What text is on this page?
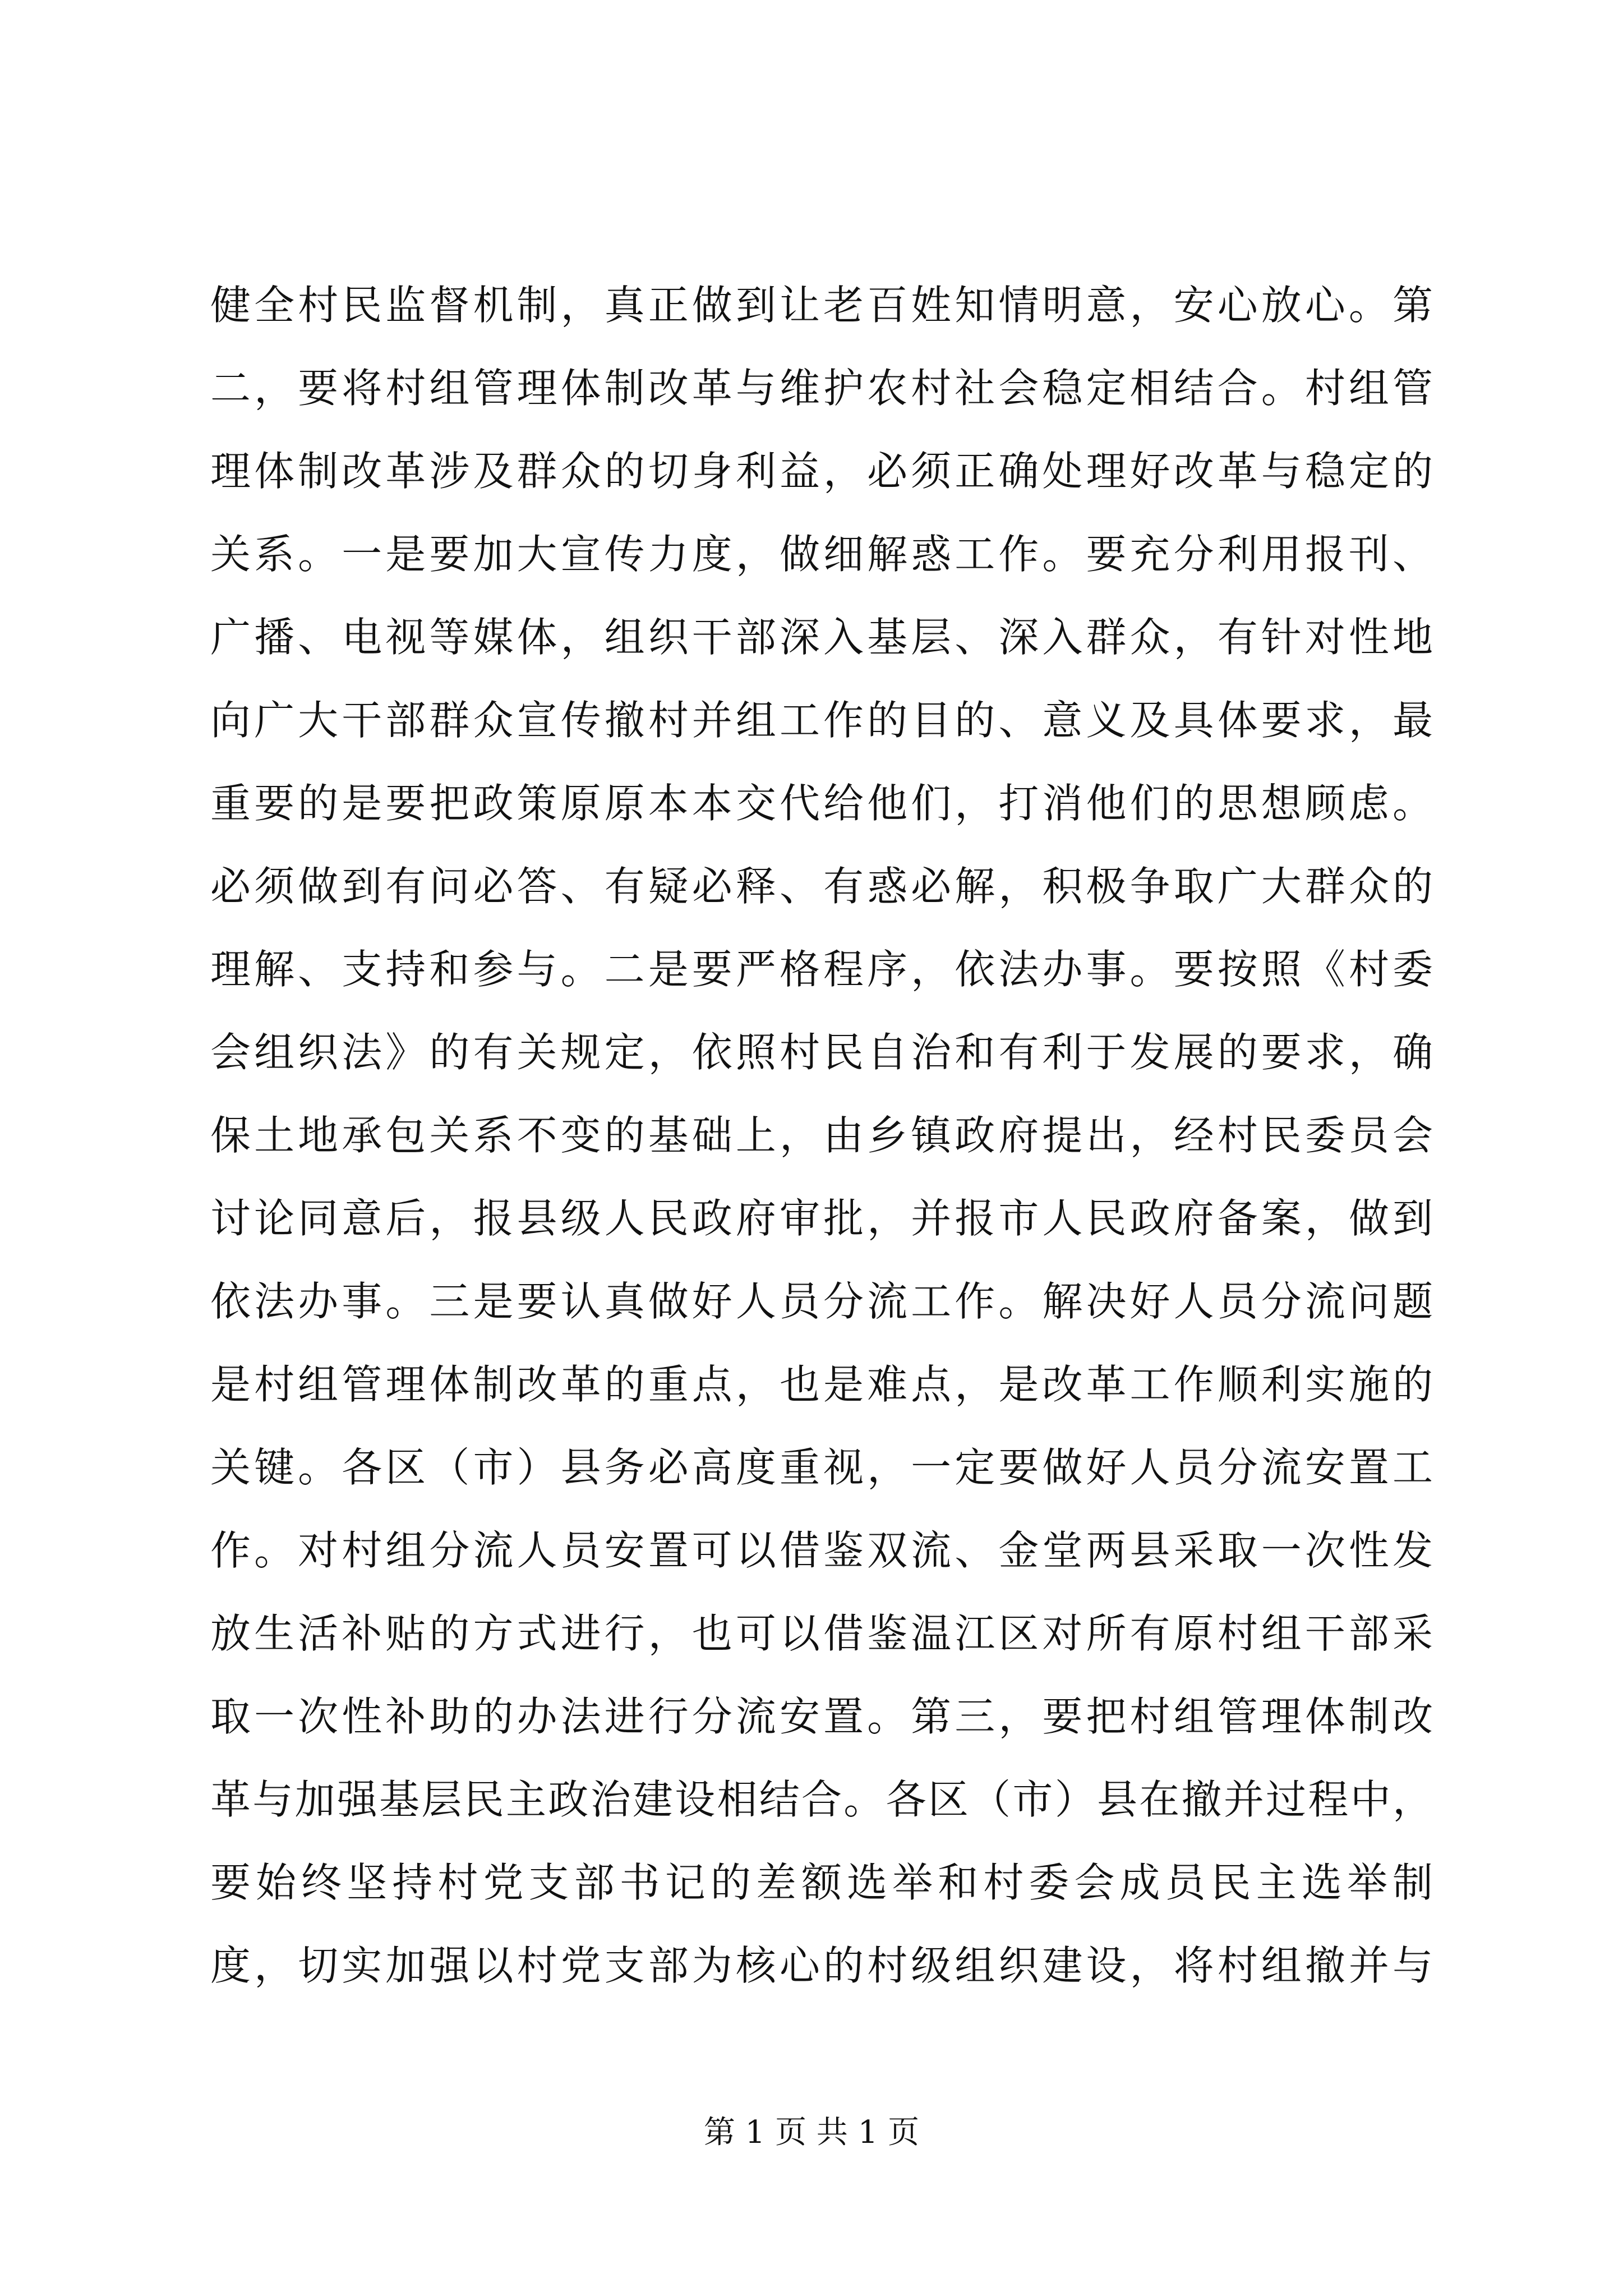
健全村民监督机制，真正做到让老百姓知情明意，安心放心。第
二，要将村组管理体制改革与维护农村社会稳定相结合。村组管
理体制改革涉及群众的切身利益，必须正确处理好改革与稳定的
关系。一是要加大宣传力度，做细解惑工作。要充分利用报刊、
广播、电视等媒体，组织干部深入基层、深入群众，有针对性地
向广大干部群众宣传撤村并组工作的目的、意义及具体要求，最
重要的是要把政策原原本本交代给他们，打消他们的思想顾虑。
必须做到有问必答、有疑必释、有惑必解，积极争取广大群众的
理解、支持和参与。二是要严格程序，依法办事。要按照《村委
会组织法》的有关规定，依照村民自治和有利于发展的要求，确
保土地承包关系不变的基础上，由乡镇政府提出，经村民委员会
讨论同意后，报县级人民政府审批，并报市人民政府备案，做到
依法办事。三是要认真做好人员分流工作。解决好人员分流问题
是村组管理体制改革的重点，也是难点，是改革工作顺利实施的
关键。各区（市）县务必高度重视，一定要做好人员分流安置工
作。对村组分流人员安置可以借鉴双流、金堂两县采取一次性发
放生活补贴的方式进行，也可以借鉴温江区对所有原村组干部采
取一次性补助的办法进行分流安置。第三，要把村组管理体制改
革与加强基层民主政治建设相结合。各区（市）县在撤并过程中，
要始终坚持村党支部书记的差额选举和村委会成员民主选举制
度，切实加强以村党支部为核心的村级组织建设，将村组撤并与
第 1 页 共 1 页
